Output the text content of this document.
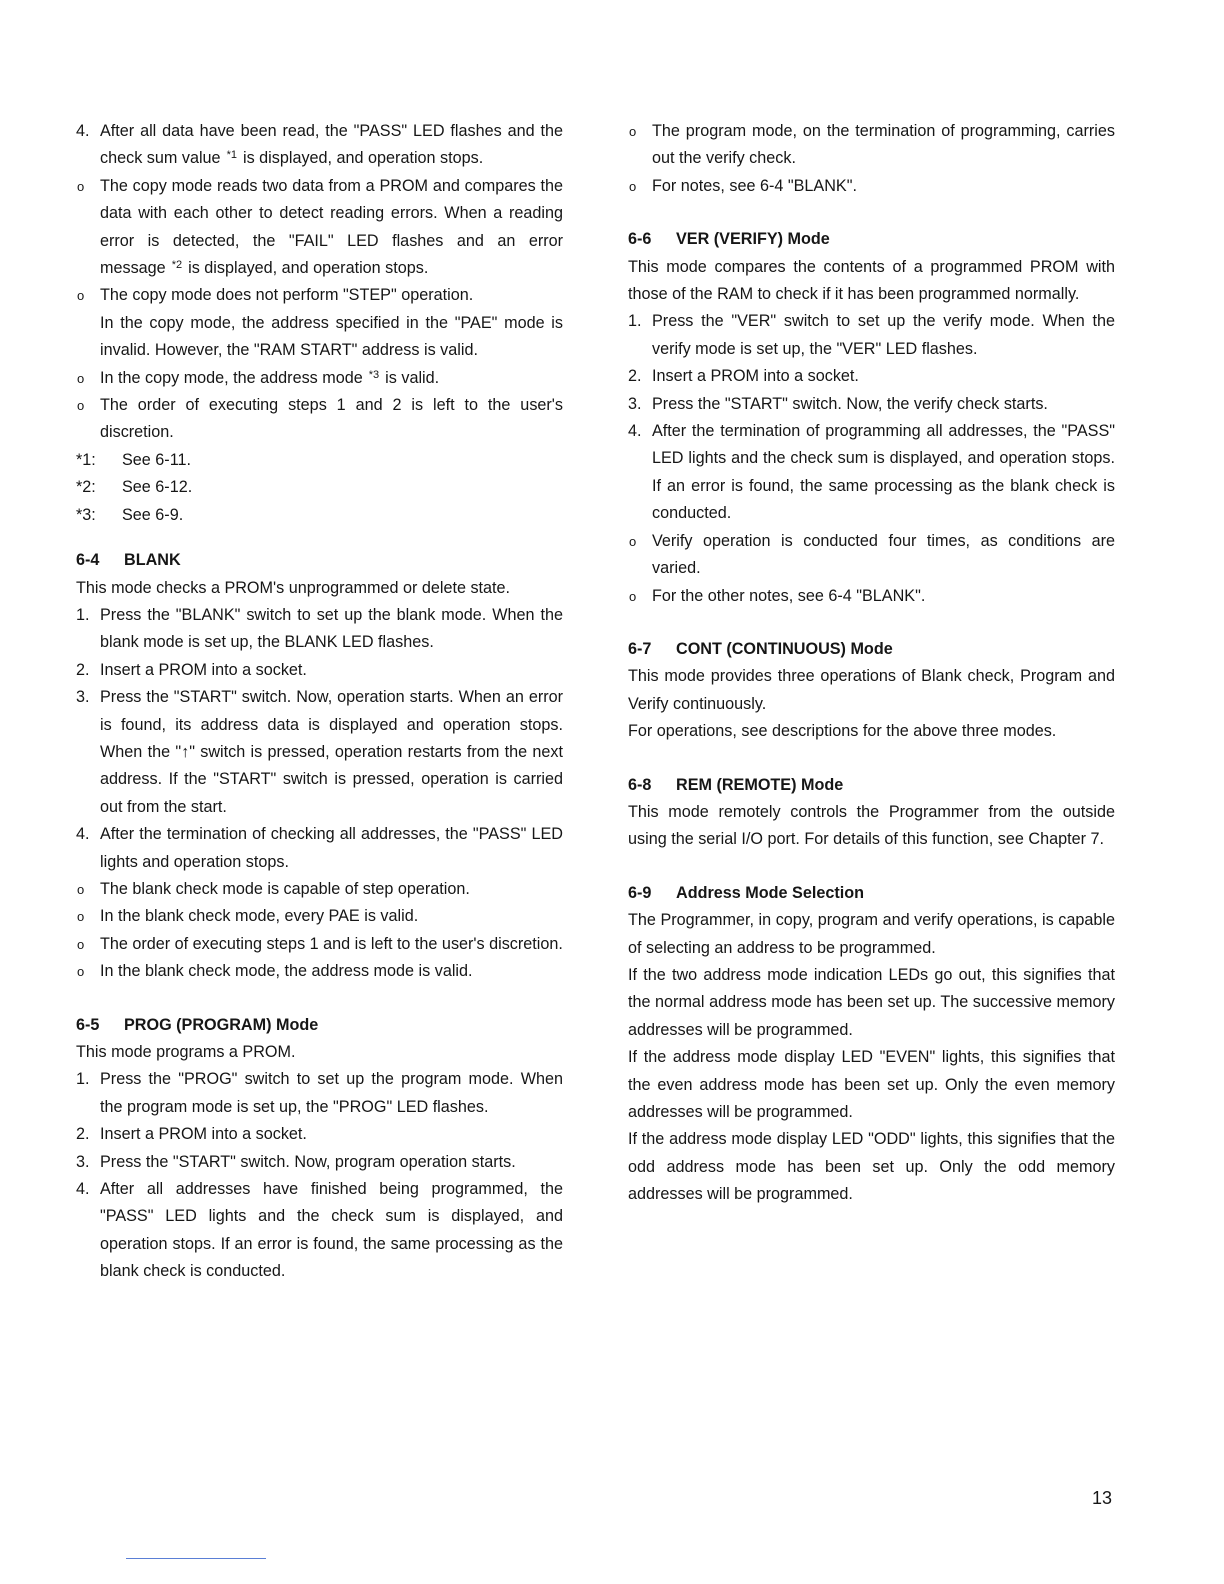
4. After all data have been read, the "PASS" LED flashes and the check sum value $^{*1}$ is displayed, and operation stops.
o The copy mode reads two data from a PROM and compares the data with each other to detect reading errors. When a reading error is detected, the "FAIL" LED flashes and an error message $^{*2}$ is displayed, and operation stops.
o The copy mode does not perform "STEP" operation.
In the copy mode, the address specified in the "PAE" mode is invalid. However, the "RAM START" address is valid.
o In the copy mode, the address mode $^{*3}$ is valid.
o The order of executing steps 1 and 2 is left to the user's discretion.
*1: See 6-11.
*2: See 6-12.
*3: See 6-9.
6-4 BLANK
This mode checks a PROM's unprogrammed or delete state.
1. Press the "BLANK" switch to set up the blank mode. When the blank mode is set up, the BLANK LED flashes.
2. Insert a PROM into a socket.
3. Press the "START" switch. Now, operation starts. When an error is found, its address data is displayed and operation stops. When the "↑" switch is pressed, operation restarts from the next address. If the "START" switch is pressed, operation is carried out from the start.
4. After the termination of checking all addresses, the "PASS" LED lights and operation stops.
o The blank check mode is capable of step operation.
o In the blank check mode, every PAE is valid.
o The order of executing steps 1 and is left to the user's discretion.
o In the blank check mode, the address mode is valid.
6-5 PROG (PROGRAM) Mode
This mode programs a PROM.
1. Press the "PROG" switch to set up the program mode. When the program mode is set up, the "PROG" LED flashes.
2. Insert a PROM into a socket.
3. Press the "START" switch. Now, program operation starts.
4. After all addresses have finished being programmed, the "PASS" LED lights and the check sum is displayed, and operation stops. If an error is found, the same processing as the blank check is conducted.
o The program mode, on the termination of programming, carries out the verify check.
o For notes, see 6-4 "BLANK".
6-6 VER (VERIFY) Mode
This mode compares the contents of a programmed PROM with those of the RAM to check if it has been programmed normally.
1. Press the "VER" switch to set up the verify mode. When the verify mode is set up, the "VER" LED flashes.
2. Insert a PROM into a socket.
3. Press the "START" switch. Now, the verify check starts.
4. After the termination of programming all addresses, the "PASS" LED lights and the check sum is displayed, and operation stops. If an error is found, the same processing as the blank check is conducted.
o Verify operation is conducted four times, as conditions are varied.
o For the other notes, see 6-4 "BLANK".
6-7 CONT (CONTINUOUS) Mode
This mode provides three operations of Blank check, Program and Verify continuously.
For operations, see descriptions for the above three modes.
6-8 REM (REMOTE) Mode
This mode remotely controls the Programmer from the outside using the serial I/O port. For details of this function, see Chapter 7.
6-9 Address Mode Selection
The Programmer, in copy, program and verify operations, is capable of selecting an address to be programmed.
If the two address mode indication LEDs go out, this signifies that the normal address mode has been set up. The successive memory addresses will be programmed.
If the address mode display LED "EVEN" lights, this signifies that the even address mode has been set up. Only the even memory addresses will be programmed.
If the address mode display LED "ODD" lights, this signifies that the odd address mode has been set up. Only the odd memory addresses will be programmed.
13
